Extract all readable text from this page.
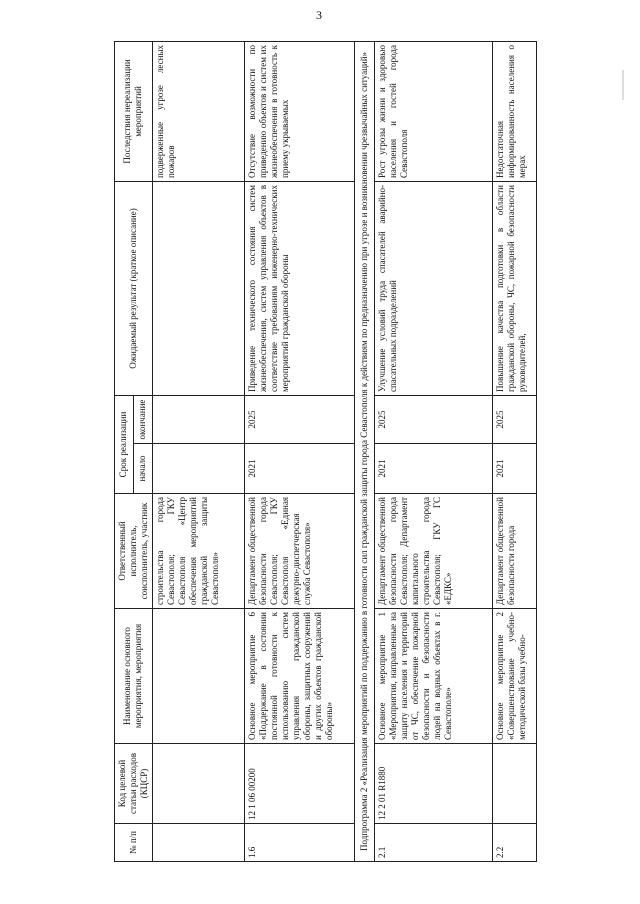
3
№ п/п	Код целевой статьи расходов (КЦСР)	Наименование основного мероприятия, мероприятия	Ответственный исполнитель, соисполнитель, участник	Срок реализации		Ожидаемый результат (краткое описание)	Последствия нереализации мероприятий
				начало	окончание		
			строительства города Севастополя; ГКУ Севастополя «Центр обеспечения мероприятий гражданской защиты Севастополя»				подверженные угрозе лесных пожаров
1.6	12 1 06 00200	Основное мероприятие 6 «Поддержание в состоянии постоянной готовности к использованию систем управления гражданской обороны, защитных сооружений и других объектов гражданской обороны»	Департамент общественной безопасности города Севастополя; ГКУ Севастополя «Единая дежурно-диспетчерская служба Севастополя»	2021	2025	Приведение технического состояния систем жизнеобеспечения, систем управления объектов в соответствие требованиям инженерно-технических мероприятий гражданской обороны	Отсутствие возможности по приведению объектов и систем их жизнеобеспечения в готовность к приему укрываемых
Подпрограмма 2 «Реализация мероприятий по поддержанию в готовности сил гражданской защиты города Севастополя к действиям по предназначению при угрозе и возникновении чрезвычайных ситуаций»							
2.1	12 2 01 R1880	Основное мероприятие 1 «Мероприятия, направленные на защиту населения и территорий от ЧС, обеспечение пожарной безопасности и безопасности людей на водных объектах в г. Севастополе»	Департамент общественной безопасности города Севастополя; Департамент капитального строительства города Севастополя; ГКУ ГС «ЕДКС»	2021	2025	Улучшение условий труда спасателей аварийно-спасательных подразделений	Рост угрозы жизни и здоровью населения и гостей города Севастополя
2.2		Основное мероприятие 2 «Совершенствование учебно-методической базы учебно-	Департамент общественной безопасности города	2021	2025	Повышение качества подготовки в области гражданской обороны, ЧС, пожарной безопасности руководителей,	Недостаточная информированность населения о мерах
